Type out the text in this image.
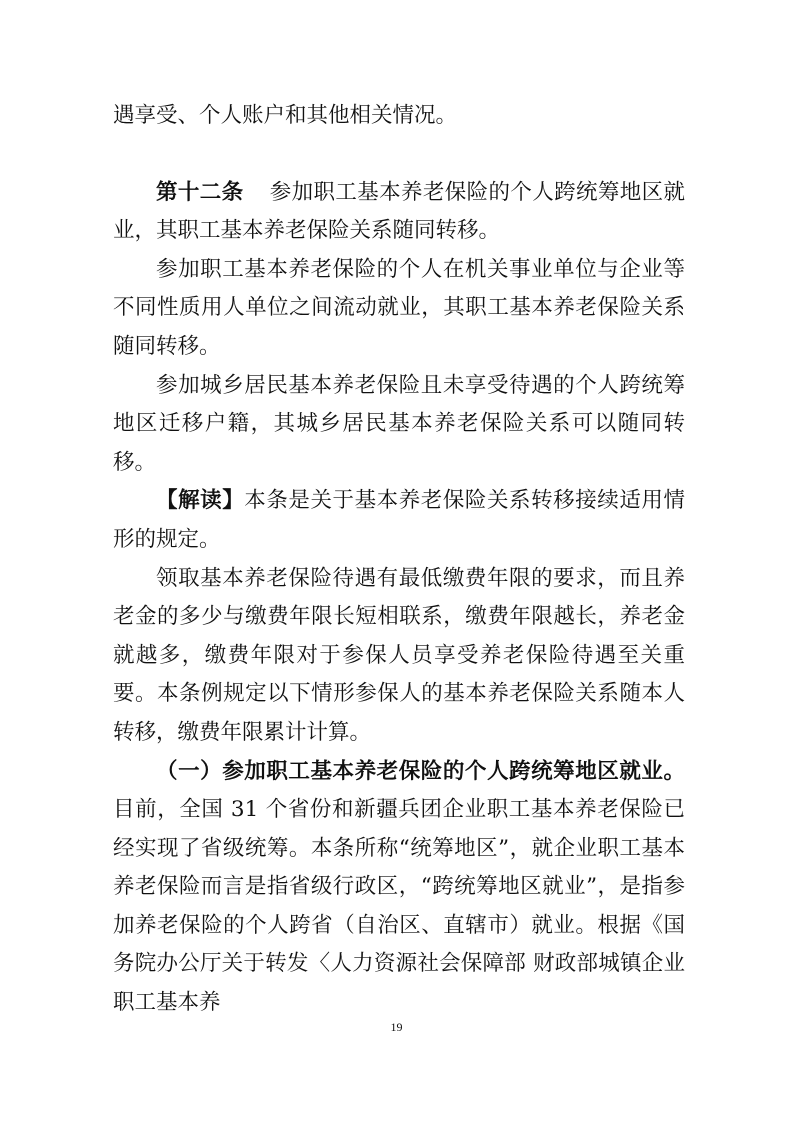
遇享受、个人账户和其他相关情况。

第十二条 参加职工基本养老保险的个人跨统筹地区就业，其职工基本养老保险关系随同转移。

参加职工基本养老保险的个人在机关事业单位与企业等不同性质用人单位之间流动就业，其职工基本养老保险关系随同转移。

参加城乡居民基本养老保险且未享受待遇的个人跨统筹地区迁移户籍，其城乡居民基本养老保险关系可以随同转移。

【解读】本条是关于基本养老保险关系转移接续适用情形的规定。

领取基本养老保险待遇有最低缴费年限的要求，而且养老金的多少与缴费年限长短相联系，缴费年限越长，养老金就越多，缴费年限对于参保人员享受养老保险待遇至关重要。本条例规定以下情形参保人的基本养老保险关系随本人转移，缴费年限累计计算。

（一）参加职工基本养老保险的个人跨统筹地区就业。目前，全国 31 个省份和新疆兵团企业职工基本养老保险已经实现了省级统筹。本条所称“统筹地区”，就企业职工基本养老保险而言是指省级行政区，“跨统筹地区就业”，是指参加养老保险的个人跨省（自治区、直辖市）就业。根据《国务院办公厅关于转发〈人力资源社会保障部 财政部城镇企业职工基本养

19
